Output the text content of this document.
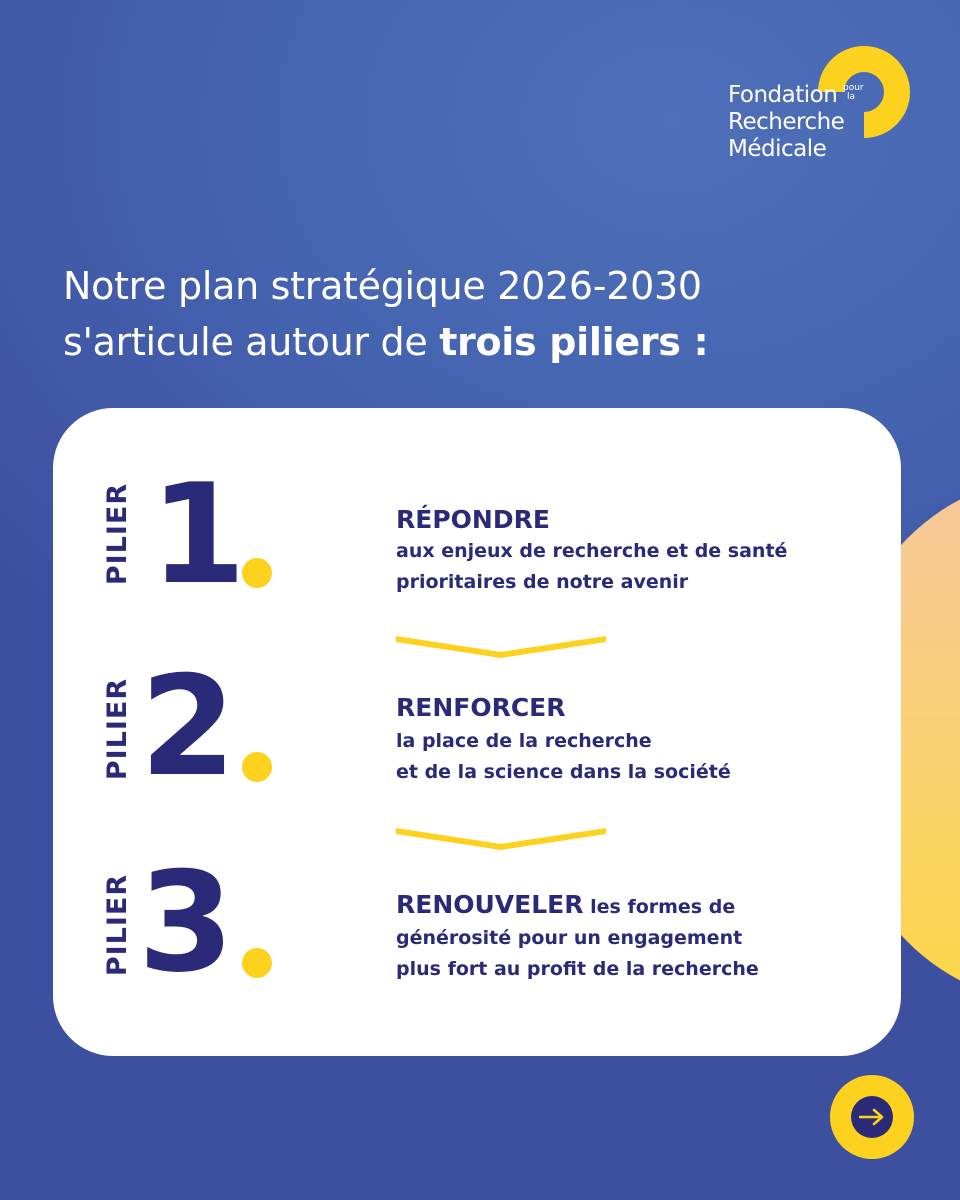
Fondation
Recherche
Médicale
pour
la
Notre plan stratégique 2026-2030
s'articule autour de trois piliers :
PILIER 1	RÉPONDRE
aux enjeux de recherche et de santé
prioritaires de notre avenir
PILIER 2	RENFORCER
la place de la recherche
et de la science dans la société
PILIER 3	RENOUVELER les formes de
générosité pour un engagement
plus fort au profit de la recherche
